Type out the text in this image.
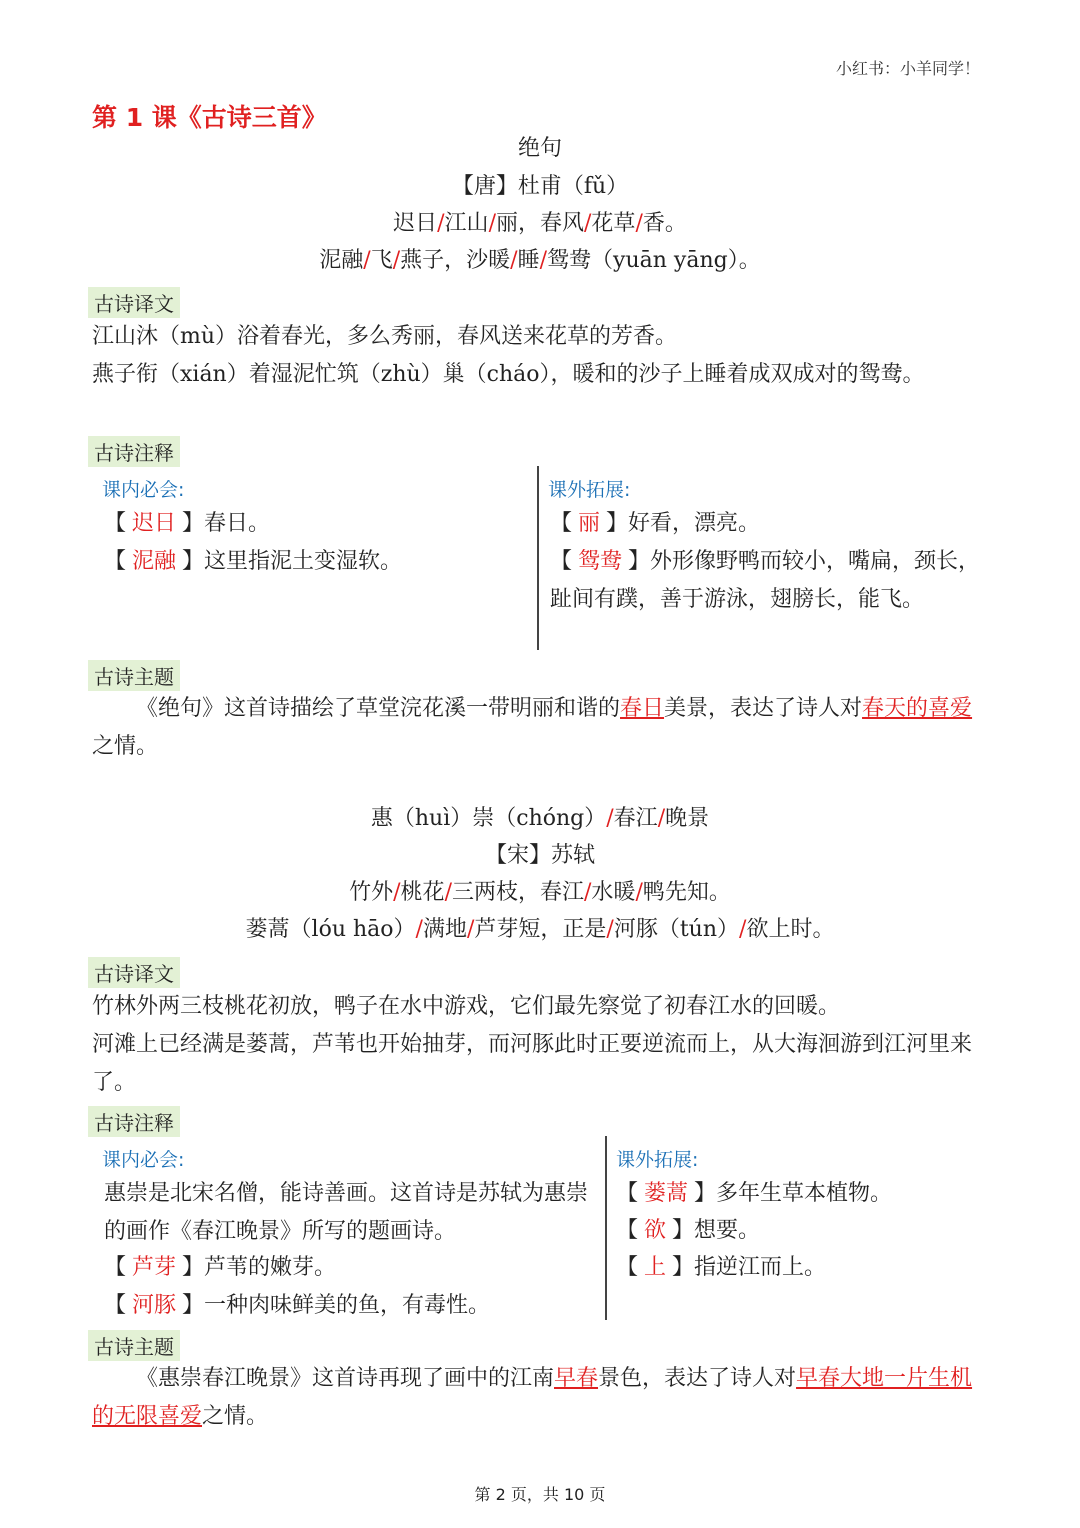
小红书：小羊同学！
第 1 课《古诗三首》
绝句
【唐】杜甫（fǔ）
迟日/江山/丽，春风/花草/香。
泥融/飞/燕子，沙暖/睡/鸳鸯（yuān yāng）。
古诗译文
江山沐（mù）浴着春光，多么秀丽，春风送来花草的芳香。
燕子衔（xián）着湿泥忙筑（zhù）巢（cháo），暖和的沙子上睡着成双成对的鸳鸯。
古诗注释
课内必会:
【 迟日 】春日。
【 泥融 】这里指泥土变湿软。
课外拓展:
【 丽 】好看，漂亮。
【 鸳鸯 】外形像野鸭而较小，嘴扁，颈长，趾间有蹼，善于游泳，翅膀长，能飞。
古诗主题
《绝句》这首诗描绘了草堂浣花溪一带明丽和谐的春日美景，表达了诗人对春天的喜爱之情。
惠（huì）崇（chóng）/春江/晚景
【宋】苏轼
竹外/桃花/三两枝，春江/水暖/鸭先知。
蒌蒿（lóu hāo）/满地/芦芽短，正是/河豚（tún）/欲上时。
古诗译文
竹林外两三枝桃花初放，鸭子在水中游戏，它们最先察觉了初春江水的回暖。
河滩上已经满是蒌蒿，芦苇也开始抽芽，而河豚此时正要逆流而上，从大海洄游到江河里来了。
古诗注释
课内必会:
惠崇是北宋名僧，能诗善画。这首诗是苏轼为惠崇的画作《春江晚景》所写的题画诗。
【 芦芽 】芦苇的嫩芽。
【 河豚 】一种肉味鲜美的鱼，有毒性。
课外拓展:
【 蒌蒿 】多年生草本植物。
【 欲 】想要。
【 上 】指逆江而上。
古诗主题
《惠崇春江晚景》这首诗再现了画中的江南早春景色，表达了诗人对早春大地一片生机的无限喜爱之情。
第 2 页，共 10 页
